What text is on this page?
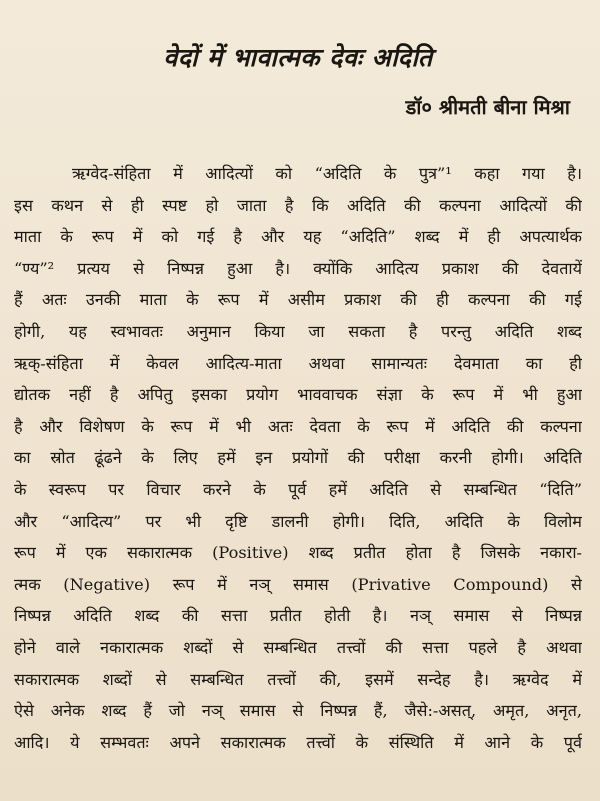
वेदों में भावात्मक देवः अदिति
डॉ० श्रीमती बीना मिश्रा
ऋग्वेद-संहिता में आदित्यों को “अदिति के पुत्र”¹ कहा गया है।
इस कथन से ही स्पष्ट हो जाता है कि अदिति की कल्पना आदित्यों की
माता के रूप में को गई है और यह “अदिति” शब्द में ही अपत्यार्थक
“ण्य”² प्रत्यय से निष्पन्न हुआ है। क्योंकि आदित्य प्रकाश की देवतायें
हैं अतः उनकी माता के रूप में असीम प्रकाश की ही कल्पना की गई
होगी, यह स्वभावतः अनुमान किया जा सकता है परन्तु अदिति शब्द
ऋक्-संहिता में केवल आदित्य-माता अथवा सामान्यतः देवमाता का ही
द्योतक नहीं है अपितु इसका प्रयोग भाववाचक संज्ञा के रूप में भी हुआ
है और विशेषण के रूप में भी अतः देवता के रूप में अदिति की कल्पना
का स्रोत ढूंढने के लिए हमें इन प्रयोगों की परीक्षा करनी होगी। अदिति
के स्वरूप पर विचार करने के पूर्व हमें अदिति से सम्बन्धित “दिति”
और “आदित्य” पर भी दृष्टि डालनी होगी। दिति, अदिति के विलोम
रूप में एक सकारात्मक (Positive) शब्द प्रतीत होता है जिसके नकारा-
त्मक (Negative) रूप में नञ् समास (Privative Compound) से
निष्पन्न अदिति शब्द की सत्ता प्रतीत होती है। नञ् समास से निष्पन्न
होने वाले नकारात्मक शब्दों से सम्बन्धित तत्त्वों की सत्ता पहले है अथवा
सकारात्मक शब्दों से सम्बन्धित तत्त्वों की, इसमें सन्देह है। ऋग्वेद में
ऐसे अनेक शब्द हैं जो नञ् समास से निष्पन्न हैं, जैसे:-असत्, अमृत, अनृत,
आदि। ये सम्भवतः अपने सकारात्मक तत्त्वों के संस्थिति में आने के पूर्व
